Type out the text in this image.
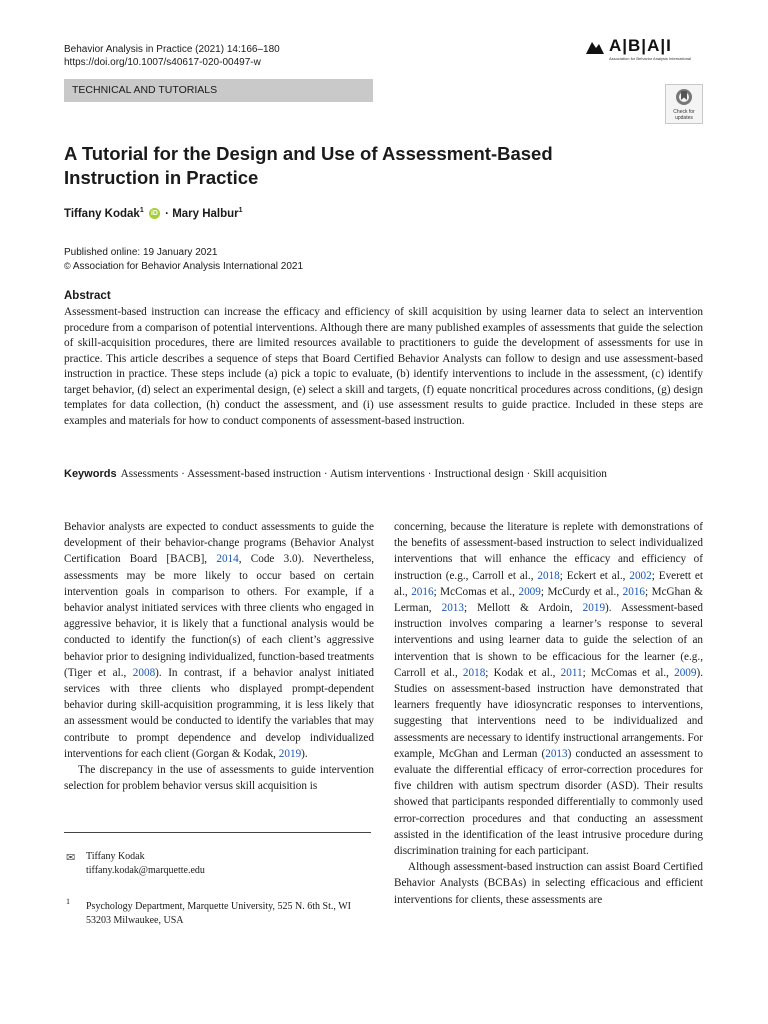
Behavior Analysis in Practice (2021) 14:166–180
https://doi.org/10.1007/s40617-020-00497-w
A|B|A|I
Association for Behavior Analysis International
TECHNICAL AND TUTORIALS
Check for updates
A Tutorial for the Design and Use of Assessment-Based Instruction in Practice
Tiffany Kodak$^1$ iD · Mary Halbur$^1$
Published online: 19 January 2021
© Association for Behavior Analysis International 2021
Abstract
Assessment-based instruction can increase the efficacy and efficiency of skill acquisition by using learner data to select an intervention procedure from a comparison of potential interventions. Although there are many published examples of assessments that guide the selection of skill-acquisition procedures, there are limited resources available to practitioners to guide the development of assessments for use in practice. This article describes a sequence of steps that Board Certified Behavior Analysts can follow to design and use assessment-based instruction in practice. These steps include (a) pick a topic to evaluate, (b) identify interventions to include in the assessment, (c) identify target behavior, (d) select an experimental design, (e) select a skill and targets, (f) equate noncritical procedures across conditions, (g) design templates for data collection, (h) conduct the assessment, and (i) use assessment results to guide practice. Included in these steps are examples and materials for how to conduct components of assessment-based instruction.
Keywords Assessments · Assessment-based instruction · Autism interventions · Instructional design · Skill acquisition

Behavior analysts are expected to conduct assessments to guide the development of their behavior-change programs (Behavior Analyst Certification Board [BACB], 2014, Code 3.0). Nevertheless, assessments may be more likely to occur based on certain intervention goals in comparison to others. For example, if a behavior analyst initiated services with three clients who engaged in aggressive behavior, it is likely that a functional analysis would be conducted to identify the function(s) of each client’s aggressive behavior prior to designing individualized, function-based treatments (Tiger et al., 2008). In contrast, if a behavior analyst initiated services with three clients who displayed prompt-dependent behavior during skill-acquisition programming, it is less likely that an assessment would be conducted to identify the variables that may contribute to prompt dependence and develop individualized interventions for each client (Gorgan & Kodak, 2019).

The discrepancy in the use of assessments to guide intervention selection for problem behavior versus skill acquisition is

concerning, because the literature is replete with demonstrations of the benefits of assessment-based instruction to select individualized interventions that will enhance the efficacy and efficiency of instruction (e.g., Carroll et al., 2018; Eckert et al., 2002; Everett et al., 2016; McComas et al., 2009; McCurdy et al., 2016; McGhan & Lerman, 2013; Mellott & Ardoin, 2019). Assessment-based instruction involves comparing a learner’s response to several interventions and using learner data to guide the selection of an intervention that is shown to be efficacious for the learner (e.g., Carroll et al., 2018; Kodak et al., 2011; McComas et al., 2009). Studies on assessment-based instruction have demonstrated that learners frequently have idiosyncratic responses to interventions, suggesting that interventions need to be individualized and assessments are necessary to identify instructional arrangements. For example, McGhan and Lerman (2013) conducted an assessment to evaluate the differential efficacy of error-correction procedures for five children with autism spectrum disorder (ASD). Their results showed that participants responded differentially to commonly used error-correction procedures and that conducting an assessment assisted in the identification of the least intrusive procedure during discrimination training for each participant.

Although assessment-based instruction can assist Board Certified Behavior Analysts (BCBAs) in selecting efficacious and efficient interventions for clients, these assessments are

✉ Tiffany Kodak
tiffany.kodak@marquette.edu
1 Psychology Department, Marquette University, 525 N. 6th St., WI 53203 Milwaukee, USA
